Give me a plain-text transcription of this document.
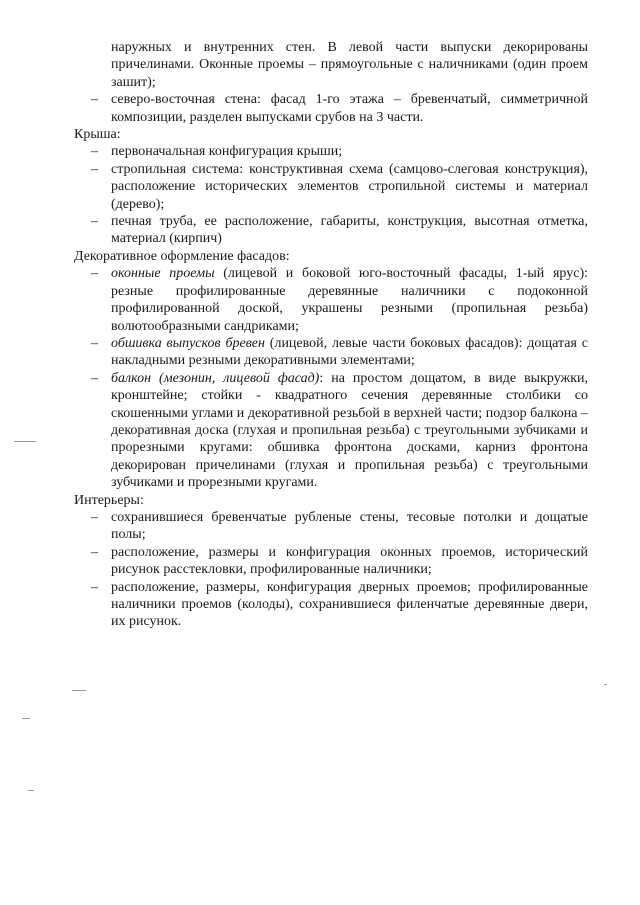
наружных и внутренних стен. В левой части выпуски декорированы причелинами. Оконные проемы – прямоугольные с наличниками (один проем зашит);

– северо-восточная стена: фасад 1-го этажа – бревенчатый, симметричной композиции, разделен выпусками срубов на 3 части.

Крыша:

– первоначальная конфигурация крыши;
– стропильная система: конструктивная схема (самцово-слеговая конструкция), расположение исторических элементов стропильной системы и материал (дерево);
– печная труба, ее расположение, габариты, конструкция, высотная отметка, материал (кирпич)

Декоративное оформление фасадов:

– оконные проемы (лицевой и боковой юго-восточный фасады, 1-ый ярус): резные профилированные деревянные наличники с подоконной профилированной доской, украшены резными (пропильная резьба) волютообразными сандриками;
– обшивка выпусков бревен (лицевой, левые части боковых фасадов): дощатая с накладными резными декоративными элементами;
– балкон (мезонин, лицевой фасад): на простом дощатом, в виде выкружки, кронштейне; стойки - квадратного сечения деревянные столбики со скошенными углами и декоративной резьбой в верхней части; подзор балкона – декоративная доска (глухая и пропильная резьба) с треугольными зубчиками и прорезными кругами: обшивка фронтона досками, карниз фронтона декорирован причелинами (глухая и пропильная резьба) с треугольными зубчиками и прорезными кругами.

Интерьеры:

– сохранившиеся бревенчатые рубленые стены, тесовые потолки и дощатые полы;
– расположение, размеры и конфигурация оконных проемов, исторический рисунок расстекловки, профилированные наличники;
– расположение, размеры, конфигурация дверных проемов; профилированные наличники проемов (колоды), сохранившиеся филенчатые деревянные двери, их рисунок.
